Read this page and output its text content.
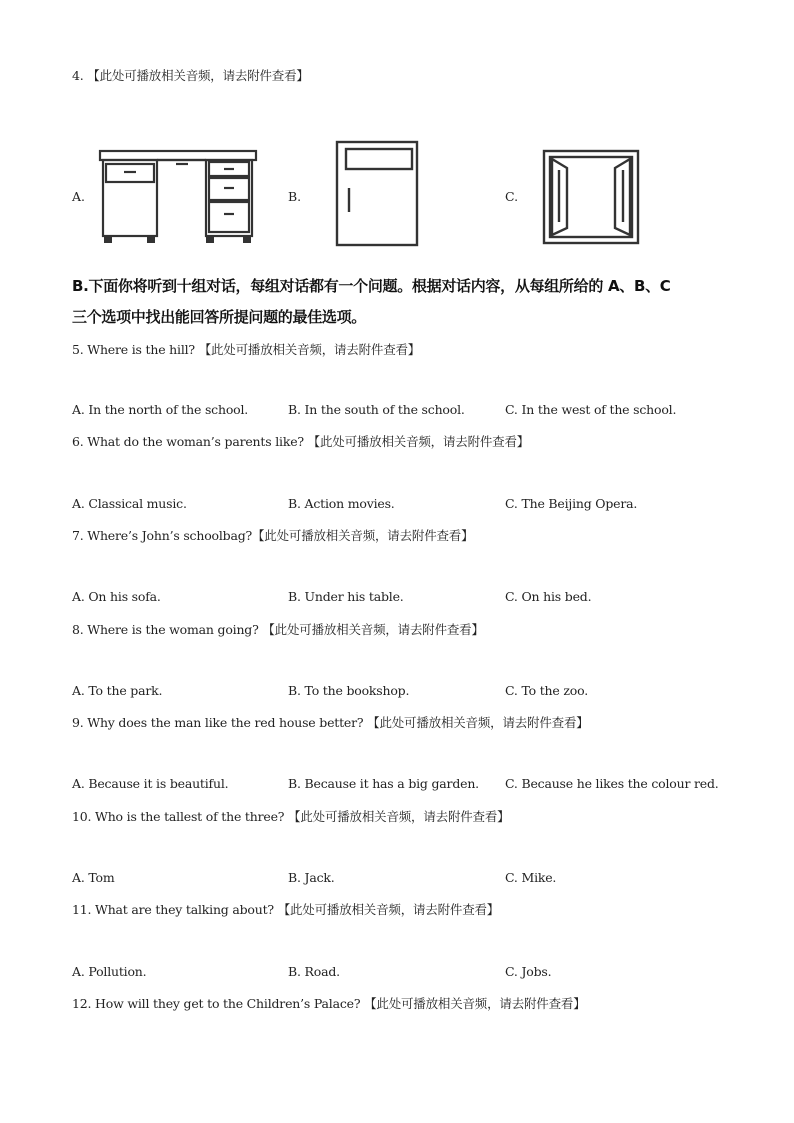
4. 【此处可播放相关音频，请去附件查看】
A.	B.	C.
B.下面你将听到十组对话，每组对话都有一个问题。根据对话内容，从每组所给的 A、B、C
三个选项中找出能回答所提问题的最佳选项。
5. Where is the hill? 【此处可播放相关音频，请去附件查看】
A. In the north of the school.	B. In the south of the school.	C. In the west of the school.
6. What do the woman’s parents like? 【此处可播放相关音频，请去附件查看】
A. Classical music.	B. Action movies.	C. The Beijing Opera.
7. Where’s John’s schoolbag?【此处可播放相关音频，请去附件查看】
A. On his sofa.	B. Under his table.	C. On his bed.
8. Where is the woman going? 【此处可播放相关音频，请去附件查看】
A. To the park.	B. To the bookshop.	C. To the zoo.
9. Why does the man like the red house better? 【此处可播放相关音频，请去附件查看】
A. Because it is beautiful.	B. Because it has a big garden. C. Because he likes the colour red.
10. Who is the tallest of the three? 【此处可播放相关音频，请去附件查看】
A. Tom	B. Jack.	C. Mike.
11. What are they talking about? 【此处可播放相关音频，请去附件查看】
A. Pollution.	B. Road.	C. Jobs.
12. How will they get to the Children’s Palace? 【此处可播放相关音频，请去附件查看】
